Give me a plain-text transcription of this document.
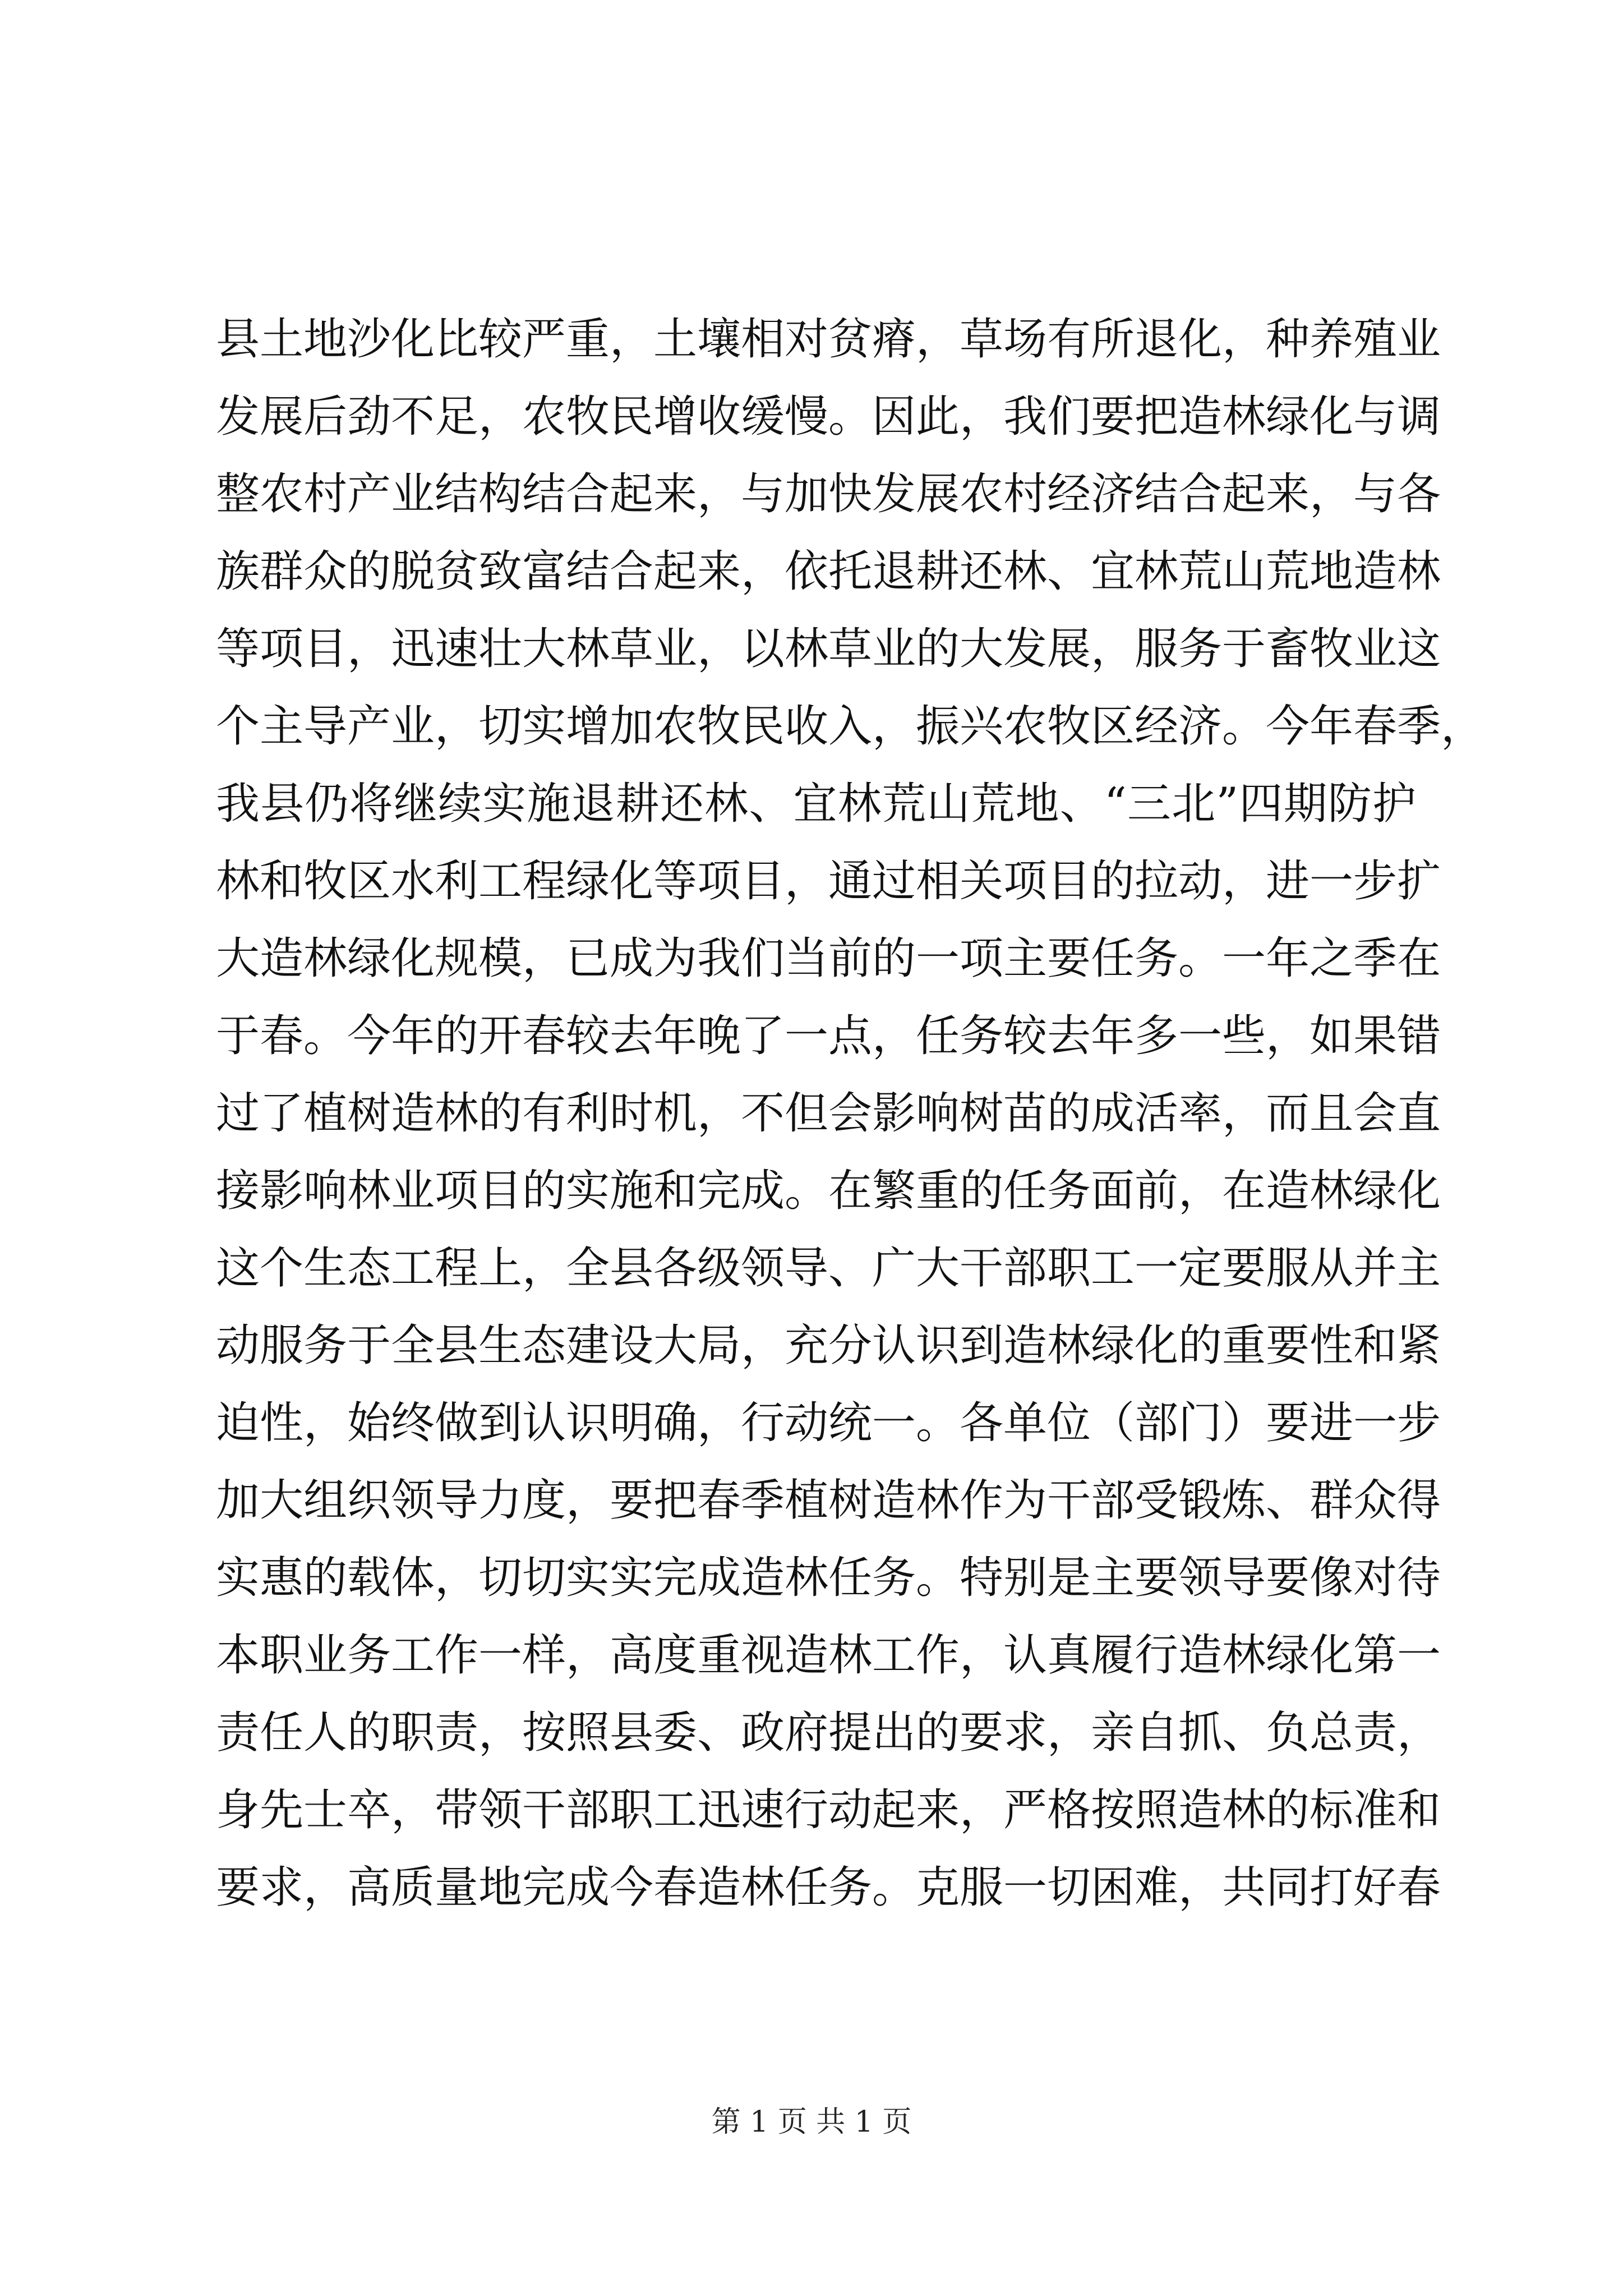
县土地沙化比较严重，土壤相对贫瘠，草场有所退化，种养殖业
发展后劲不足，农牧民增收缓慢。因此，我们要把造林绿化与调
整农村产业结构结合起来，与加快发展农村经济结合起来，与各
族群众的脱贫致富结合起来，依托退耕还林、宜林荒山荒地造林
等项目，迅速壮大林草业，以林草业的大发展，服务于畜牧业这
个主导产业，切实增加农牧民收入，振兴农牧区经济。今年春季，
我县仍将继续实施退耕还林、宜林荒山荒地、“三北”四期防护
林和牧区水利工程绿化等项目，通过相关项目的拉动，进一步扩
大造林绿化规模，已成为我们当前的一项主要任务。一年之季在
于春。今年的开春较去年晚了一点，任务较去年多一些，如果错
过了植树造林的有利时机，不但会影响树苗的成活率，而且会直
接影响林业项目的实施和完成。在繁重的任务面前，在造林绿化
这个生态工程上，全县各级领导、广大干部职工一定要服从并主
动服务于全县生态建设大局，充分认识到造林绿化的重要性和紧
迫性，始终做到认识明确，行动统一。各单位（部门）要进一步
加大组织领导力度，要把春季植树造林作为干部受锻炼、群众得
实惠的载体，切切实实完成造林任务。特别是主要领导要像对待
本职业务工作一样，高度重视造林工作，认真履行造林绿化第一
责任人的职责，按照县委、政府提出的要求，亲自抓、负总责，
身先士卒，带领干部职工迅速行动起来，严格按照造林的标准和
要求，高质量地完成今春造林任务。克服一切困难，共同打好春
第 1 页 共 1 页
